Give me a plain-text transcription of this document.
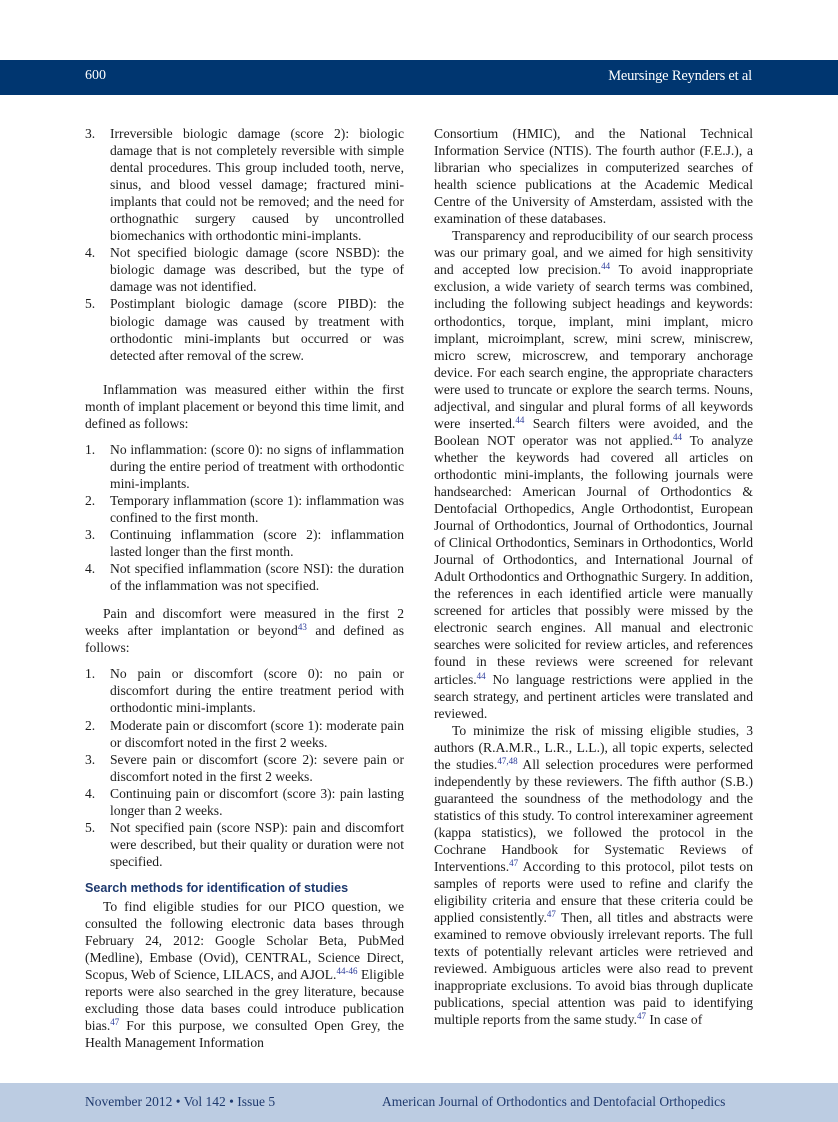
600	Meursinge Reynders et al
3. Irreversible biologic damage (score 2): biologic damage that is not completely reversible with simple dental procedures. This group included tooth, nerve, sinus, and blood vessel damage; fractured mini-implants that could not be removed; and the need for orthognathic surgery caused by uncontrolled biomechanics with orthodontic mini-implants.
4. Not specified biologic damage (score NSBD): the biologic damage was described, but the type of damage was not identified.
5. Postimplant biologic damage (score PIBD): the biologic damage was caused by treatment with orthodontic mini-implants but occurred or was detected after removal of the screw.

Inflammation was measured either within the first month of implant placement or beyond this time limit, and defined as follows:

1. No inflammation: (score 0): no signs of inflammation during the entire period of treatment with orthodontic mini-implants.
2. Temporary inflammation (score 1): inflammation was confined to the first month.
3. Continuing inflammation (score 2): inflammation lasted longer than the first month.
4. Not specified inflammation (score NSI): the duration of the inflammation was not specified.

Pain and discomfort were measured in the first 2 weeks after implantation or beyond$^{43}$ and defined as follows:

1. No pain or discomfort (score 0): no pain or discomfort during the entire treatment period with orthodontic mini-implants.
2. Moderate pain or discomfort (score 1): moderate pain or discomfort noted in the first 2 weeks.
3. Severe pain or discomfort (score 2): severe pain or discomfort noted in the first 2 weeks.
4. Continuing pain or discomfort (score 3): pain lasting longer than 2 weeks.
5. Not specified pain (score NSP): pain and discomfort were described, but their quality or duration were not specified.
Search methods for identification of studies

To find eligible studies for our PICO question, we consulted the following electronic data bases through February 24, 2012: Google Scholar Beta, PubMed (Medline), Embase (Ovid), CENTRAL, Science Direct, Scopus, Web of Science, LILACS, and AJOL.$^{44-46}$ Eligible reports were also searched in the grey literature, because excluding those data bases could introduce publication bias.$^{47}$ For this purpose, we consulted Open Grey, the Health Management Information

Consortium (HMIC), and the National Technical Information Service (NTIS). The fourth author (F.E.J.), a librarian who specializes in computerized searches of health science publications at the Academic Medical Centre of the University of Amsterdam, assisted with the examination of these databases.

Transparency and reproducibility of our search process was our primary goal, and we aimed for high sensitivity and accepted low precision.$^{44}$ To avoid inappropriate exclusion, a wide variety of search terms was combined, including the following subject headings and keywords: orthodontics, torque, implant, mini implant, micro implant, microimplant, screw, mini screw, miniscrew, micro screw, microscrew, and temporary anchorage device. For each search engine, the appropriate characters were used to truncate or explore the search terms. Nouns, adjectival, and singular and plural forms of all keywords were inserted.$^{44}$ Search filters were avoided, and the Boolean NOT operator was not applied.$^{44}$ To analyze whether the keywords had covered all articles on orthodontic mini-implants, the following journals were handsearched: American Journal of Orthodontics & Dentofacial Orthopedics, Angle Orthodontist, European Journal of Orthodontics, Journal of Orthodontics, Journal of Clinical Orthodontics, Seminars in Orthodontics, World Journal of Orthodontics, and International Journal of Adult Orthodontics and Orthognathic Surgery. In addition, the references in each identified article were manually screened for articles that possibly were missed by the electronic search engines. All manual and electronic searches were solicited for review articles, and references found in these reviews were screened for relevant articles.$^{44}$ No language restrictions were applied in the search strategy, and pertinent articles were translated and reviewed.

To minimize the risk of missing eligible studies, 3 authors (R.A.M.R., L.R., L.L.), all topic experts, selected the studies.$^{47,48}$ All selection procedures were performed independently by these reviewers. The fifth author (S.B.) guaranteed the soundness of the methodology and the statistics of this study. To control interexaminer agreement (kappa statistics), we followed the protocol in the Cochrane Handbook for Systematic Reviews of Interventions.$^{47}$ According to this protocol, pilot tests on samples of reports were used to refine and clarify the eligibility criteria and ensure that these criteria could be applied consistently.$^{47}$ Then, all titles and abstracts were examined to remove obviously irrelevant reports. The full texts of potentially relevant articles were retrieved and reviewed. Ambiguous articles were also read to prevent inappropriate exclusions. To avoid bias through duplicate publications, special attention was paid to identifying multiple reports from the same study.$^{47}$ In case of

November 2012 • Vol 142 • Issue 5	American Journal of Orthodontics and Dentofacial Orthopedics
